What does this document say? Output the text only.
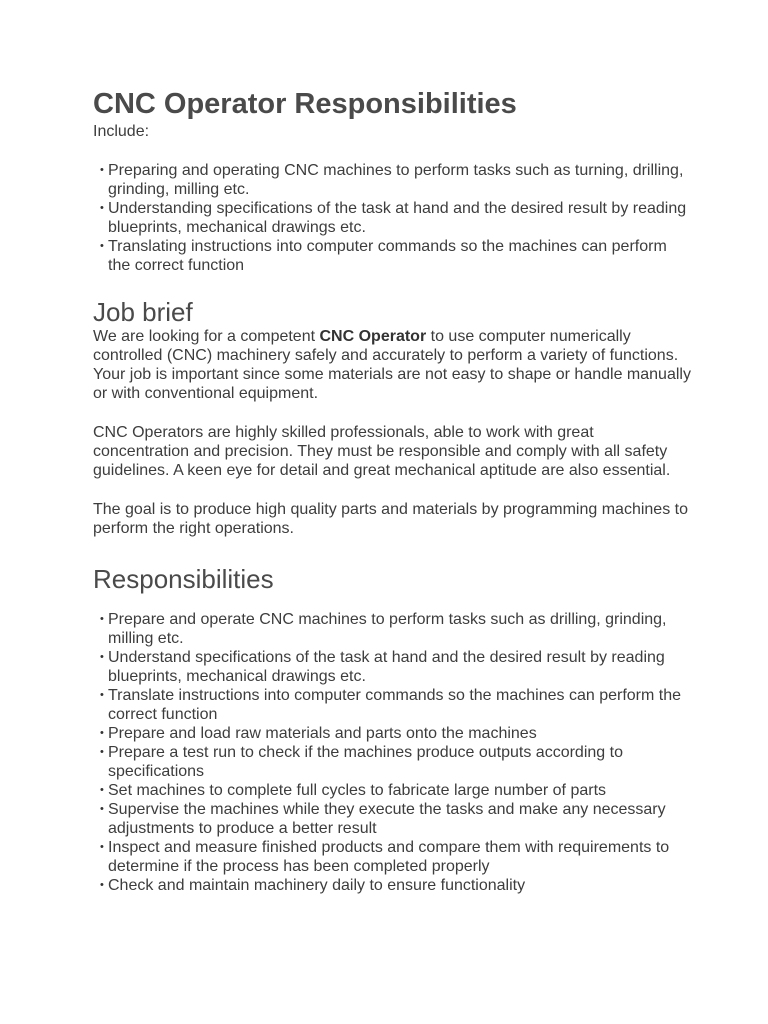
CNC Operator Responsibilities

Include:

• Preparing and operating CNC machines to perform tasks such as turning, drilling, grinding, milling etc.
• Understanding specifications of the task at hand and the desired result by reading blueprints, mechanical drawings etc.
• Translating instructions into computer commands so the machines can perform the correct function
Job brief

We are looking for a competent CNC Operator to use computer numerically controlled (CNC) machinery safely and accurately to perform a variety of functions. Your job is important since some materials are not easy to shape or handle manually or with conventional equipment.

CNC Operators are highly skilled professionals, able to work with great concentration and precision. They must be responsible and comply with all safety guidelines. A keen eye for detail and great mechanical aptitude are also essential.

The goal is to produce high quality parts and materials by programming machines to perform the right operations.

Responsibilities
• Prepare and operate CNC machines to perform tasks such as drilling, grinding, milling etc.
• Understand specifications of the task at hand and the desired result by reading blueprints, mechanical drawings etc.
• Translate instructions into computer commands so the machines can perform the correct function
• Prepare and load raw materials and parts onto the machines
• Prepare a test run to check if the machines produce outputs according to specifications
• Set machines to complete full cycles to fabricate large number of parts
• Supervise the machines while they execute the tasks and make any necessary adjustments to produce a better result
• Inspect and measure finished products and compare them with requirements to determine if the process has been completed properly
• Check and maintain machinery daily to ensure functionality
